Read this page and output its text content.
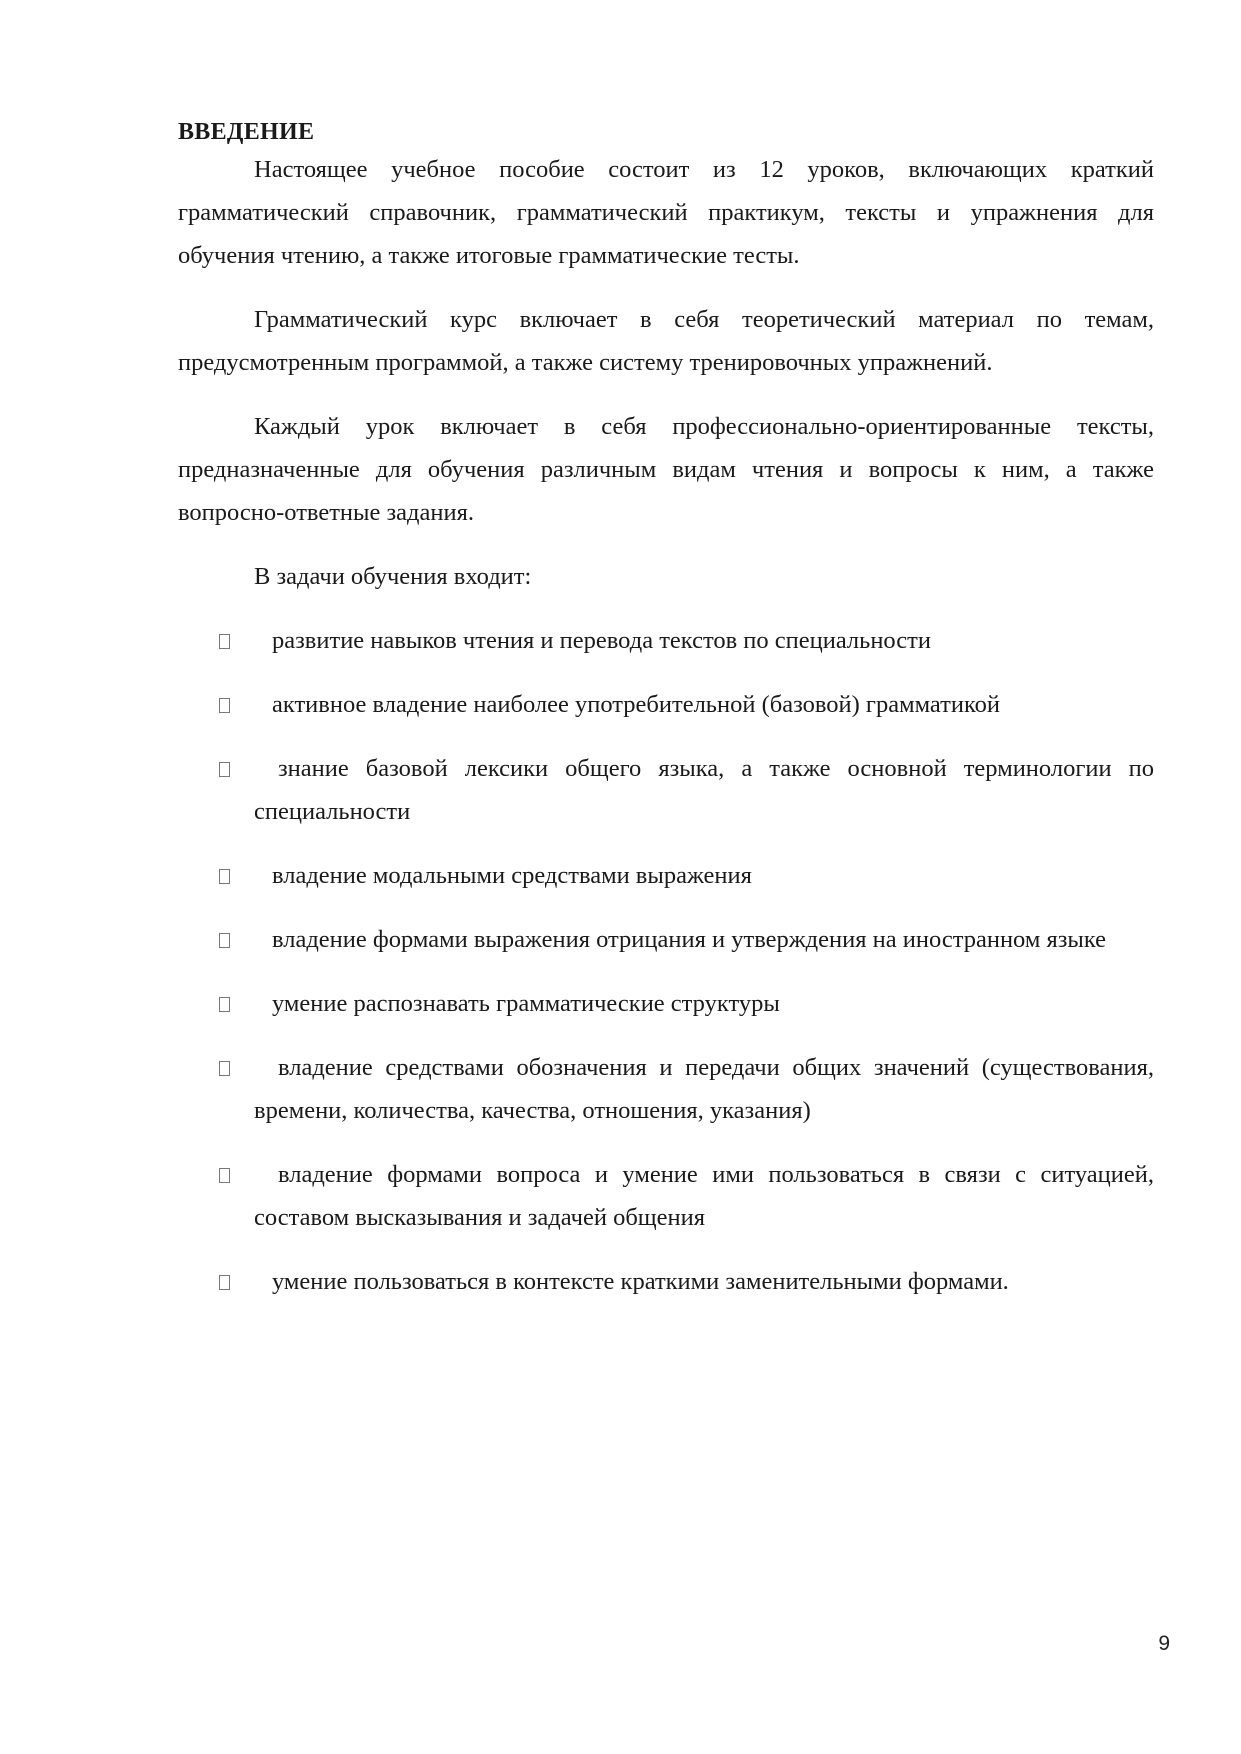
ВВЕДЕНИЕ

Настоящее учебное пособие состоит из 12 уроков, включающих краткий грамматический справочник, грамматический практикум, тексты и упражнения для обучения чтению, а также итоговые грамматические тесты.

Грамматический курс включает в себя теоретический материал по темам, предусмотренным программой, а также систему тренировочных упражнений.

Каждый урок включает в себя профессионально-ориентированные тексты, предназначенные для обучения различным видам чтения и вопросы к ним, а также вопросно-ответные задания.

В задачи обучения входит:

развитие навыков чтения и перевода текстов по специальности
активное владение наиболее употребительной (базовой) грамматикой
знание базовой лексики общего языка, а также основной терминологии по специальности
владение модальными средствами выражения
владение формами выражения отрицания и утверждения на иностранном языке
умение распознавать грамматические структуры
владение средствами обозначения и передачи общих значений (существования, времени, количества, качества, отношения, указания)
владение формами вопроса и умение ими пользоваться в связи с ситуацией, составом высказывания и задачей общения
умение пользоваться в контексте краткими заменительными формами.
9
